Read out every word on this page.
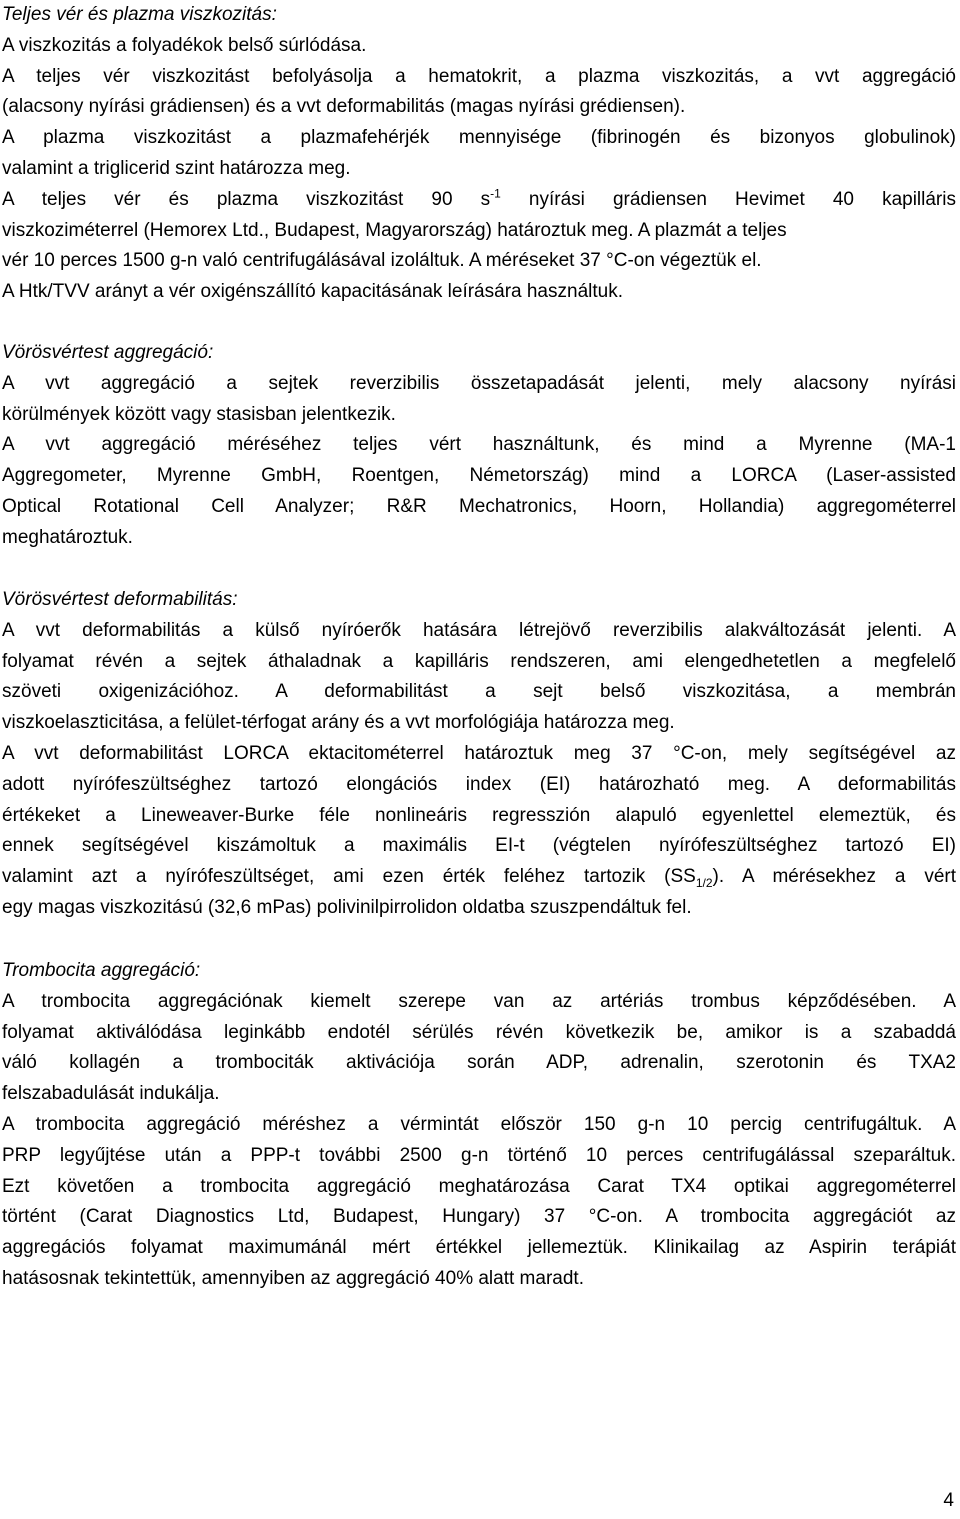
Teljes vér és plazma viszkozitás:
A viszkozitás a folyadékok belső súrlódása.
A teljes vér viszkozitást befolyásolja a hematokrit, a plazma viszkozitás, a vvt aggregáció
(alacsony nyírási grádiensen) és a vvt deformabilitás (magas nyírási grédiensen).
A plazma viszkozitást a plazmafehérjék mennyisége (fibrinogén és bizonyos globulinok)
valamint a triglicerid szint határozza meg.
A teljes vér és plazma viszkozitást 90 $s^{-1}$ nyírási grádiensen Hevimet 40 kapilláris
viszkoziméterrel (Hemorex Ltd., Budapest, Magyarország) határoztuk meg. A plazmát a teljes
vér 10 perces 1500 g-n való centrifugálásával izoláltuk. A méréseket 37 °C-on végeztük el.
A Htk/TVV arányt a vér oxigénszállító kapacitásának leírására használtuk.
Vörösvértest aggregáció:
A vvt aggregáció a sejtek reverzibilis összetapadását jelenti, mely alacsony nyírási
körülmények között vagy stasisban jelentkezik.
A vvt aggregáció méréséhez teljes vért használtunk, és mind a Myrenne (MA-1
Aggregometer, Myrenne GmbH, Roentgen, Németország) mind a LORCA (Laser-assisted
Optical Rotational Cell Analyzer; R&R Mechatronics, Hoorn, Hollandia) aggregométerrel
meghatároztuk.
Vörösvértest deformabilitás:
A vvt deformabilitás a külső nyíróerők hatására létrejövő reverzibilis alakváltozását jelenti. A
folyamat révén a sejtek áthaladnak a kapilláris rendszeren, ami elengedhetetlen a megfelelő
szöveti oxigenizációhoz. A deformabilitást a sejt belső viszkozitása, a membrán
viszkoelaszticitása, a felület-térfogat arány és a vvt morfológiája határozza meg.
A vvt deformabilitást LORCA ektacitométerrel határoztuk meg 37 °C-on, mely segítségével az
adott nyírófeszültséghez tartozó elongációs index (EI) határozható meg. A deformabilitás
értékeket a Lineweaver-Burke féle nonlineáris regresszión alapuló egyenlettel elemeztük, és
ennek segítségével kiszámoltuk a maximális EI-t (végtelen nyírófeszültséghez tartozó EI)
valamint azt a nyírófeszültséget, ami ezen érték feléhez tartozik $(SS_{1/2})$. A mérésekhez a vért
egy magas viszkozitású (32,6 mPas) polivinilpirrolidon oldatba szuszpendáltuk fel.
Trombocita aggregáció:
A trombocita aggregációnak kiemelt szerepe van az artériás trombus képződésében. A
folyamat aktiválódása leginkább endotél sérülés révén következik be, amikor is a szabaddá
váló kollagén a trombociták aktivációja során ADP, adrenalin, szerotonin és TXA2
felszabadulását indukálja.
A trombocita aggregáció méréshez a vérmintát először 150 g-n 10 percig centrifugáltuk. A
PRP legyűjtése után a PPP-t további 2500 g-n történő 10 perces centrifugálással szeparáltuk.
Ezt követően a trombocita aggregáció meghatározása Carat TX4 optikai aggregométerrel
történt (Carat Diagnostics Ltd, Budapest, Hungary) 37 °C-on. A trombocita aggregációt az
aggregációs folyamat maximumánál mért értékkel jellemeztük. Klinikailag az Aspirin terápiát
hatásosnak tekintettük, amennyiben az aggregáció 40% alatt maradt.
4
